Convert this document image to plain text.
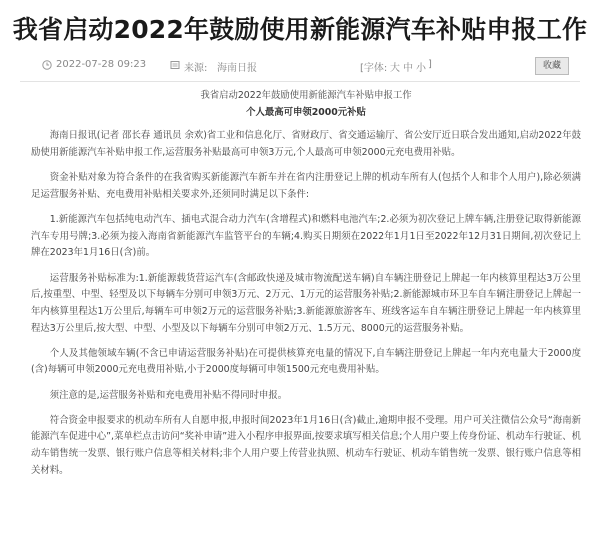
我省启动2022年鼓励使用新能源汽车补贴申报工作
2022-07-28 09:23	来源: 海南日报	[字体: 大 中 小 ]	收藏

我省启动2022年鼓励使用新能源汽车补贴申报工作

个人最高可申领2000元补贴

海南日报讯(记者 邵长春 通讯员 余欢)省工业和信息化厅、省财政厅、省交通运输厅、省公安厅近日联合发出通知,启动2022年鼓励使用新能源汽车补贴申报工作,运营服务补贴最高可申领3万元,个人最高可申领2000元充电费用补贴。

资金补贴对象为符合条件的在我省购买新能源汽车新车并在省内注册登记上牌的机动车所有人(包括个人和非个人用户),除必须满足运营服务补贴、充电费用补贴相关要求外,还须同时满足以下条件:

1.新能源汽车包括纯电动汽车、插电式混合动力汽车(含增程式)和燃料电池汽车;2.必须为初次登记上牌车辆,注册登记取得新能源汽车专用号牌;3.必须为接入海南省新能源汽车监管平台的车辆;4.购买日期须在2022年1月1日至2022年12月31日期间,初次登记上牌在2023年1月16日(含)前。

运营服务补贴标准为:1.新能源载货营运汽车(含邮政快递及城市物流配送车辆)自车辆注册登记上牌起一年内核算里程达3万公里后,按重型、中型、轻型及以下每辆车分别可申领3万元、2万元、1万元的运营服务补贴;2.新能源城市环卫车自车辆注册登记上牌起一年内核算里程达1万公里后,每辆车可申领2万元的运营服务补贴;3.新能源旅游客车、班线客运车自车辆注册登记上牌起一年内核算里程达3万公里后,按大型、中型、小型及以下每辆车分别可申领2万元、1.5万元、8000元的运营服务补贴。

个人及其他领域车辆(不含已申请运营服务补贴)在可提供核算充电量的情况下,自车辆注册登记上牌起一年内充电量大于2000度(含)每辆可申领2000元充电费用补贴,小于2000度每辆可申领1500元充电费用补贴。

须注意的是,运营服务补贴和充电费用补贴不得同时申报。

符合资金申报要求的机动车所有人自愿申报,申报时间2023年1月16日(含)截止,逾期申报不受理。用户可关注微信公众号“海南新能源汽车促进中心”,菜单栏点击访问“奖补申请”进入小程序申报界面,按要求填写相关信息;个人用户要上传身份证、机动车行驶证、机动车销售统一发票、银行账户信息等相关材料;非个人用户要上传营业执照、机动车行驶证、机动车销售统一发票、银行账户信息等相关材料。
